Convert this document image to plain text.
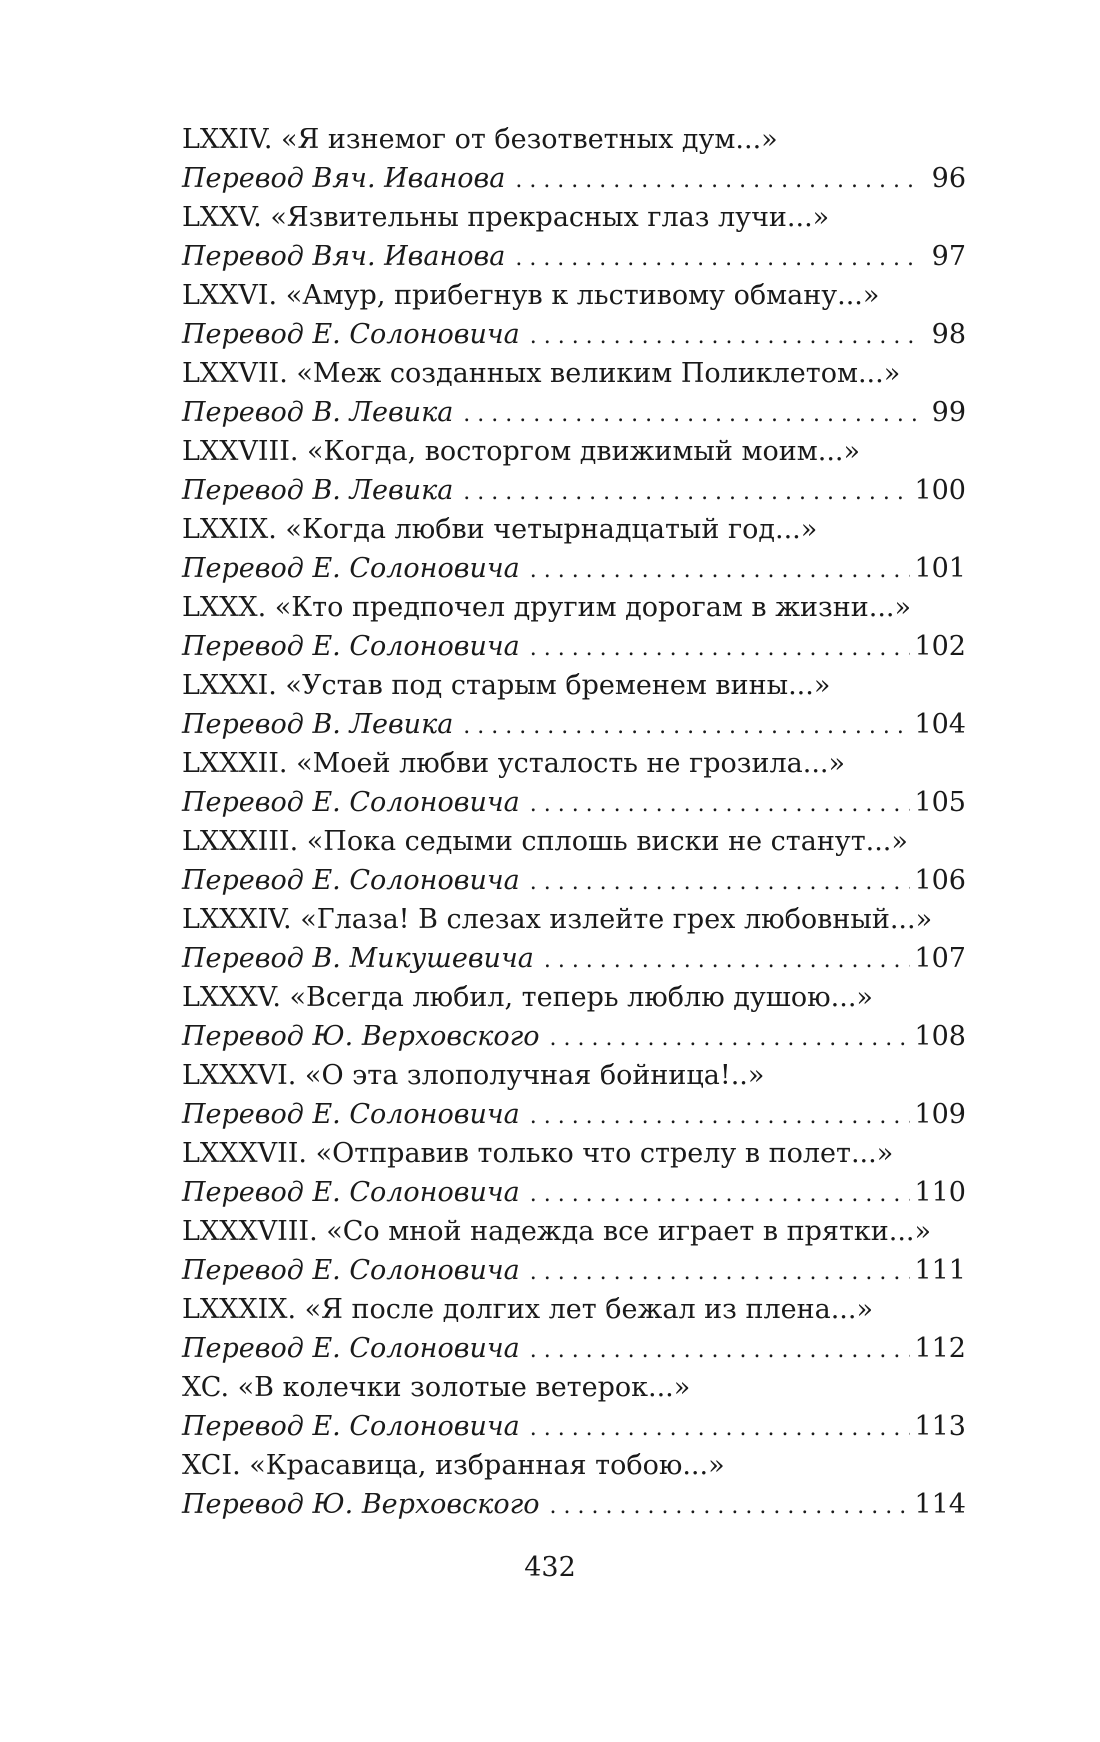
LXXIV. «Я изнемог от безответных дум...»
Перевод Вяч. Иванова . . .	96
LXXV. «Язвительны прекрасных глаз лучи...»
Перевод Вяч. Иванова . . .	97
LXXVI. «Амур, прибегнув к льстивому обману...»
Перевод Е. Солоновича . . .	98
LXXVII. «Меж созданных великим Поликлетом...»
Перевод В. Левика . . .	99
LXXVIII. «Когда, восторгом движимый моим...»
Перевод В. Левика . . .	100
LXXIX. «Когда любви четырнадцатый год...»
Перевод Е. Солоновича . . .	101
LXXX. «Кто предпочел другим дорогам в жизни...»
Перевод Е. Солоновича . . .	102
LXXXI. «Устав под старым бременем вины...»
Перевод В. Левика . . .	104
LXXXII. «Моей любви усталость не грозила...»
Перевод Е. Солоновича . . .	105
LXXXIII. «Пока седыми сплошь виски не станут...»
Перевод Е. Солоновича . . .	106
LXXXIV. «Глаза! В слезах излейте грех любовный...»
Перевод В. Микушевича . . .	107
LXXXV. «Всегда любил, теперь люблю душою...»
Перевод Ю. Верховского . . .	108
LXXXVI. «О эта злополучная бойница!..»
Перевод Е. Солоновича . . .	109
LXXXVII. «Отправив только что стрелу в полет...»
Перевод Е. Солоновича . . .	110
LXXXVIII. «Со мной надежда все играет в прятки...»
Перевод Е. Солоновича . . .	111
LXXXIX. «Я после долгих лет бежал из плена...»
Перевод Е. Солоновича . . .	112
XC. «В колечки золотые ветерок...»
Перевод Е. Солоновича . . .	113
XCI. «Красавица, избранная тобою...»
Перевод Ю. Верховского . . .	114
432
